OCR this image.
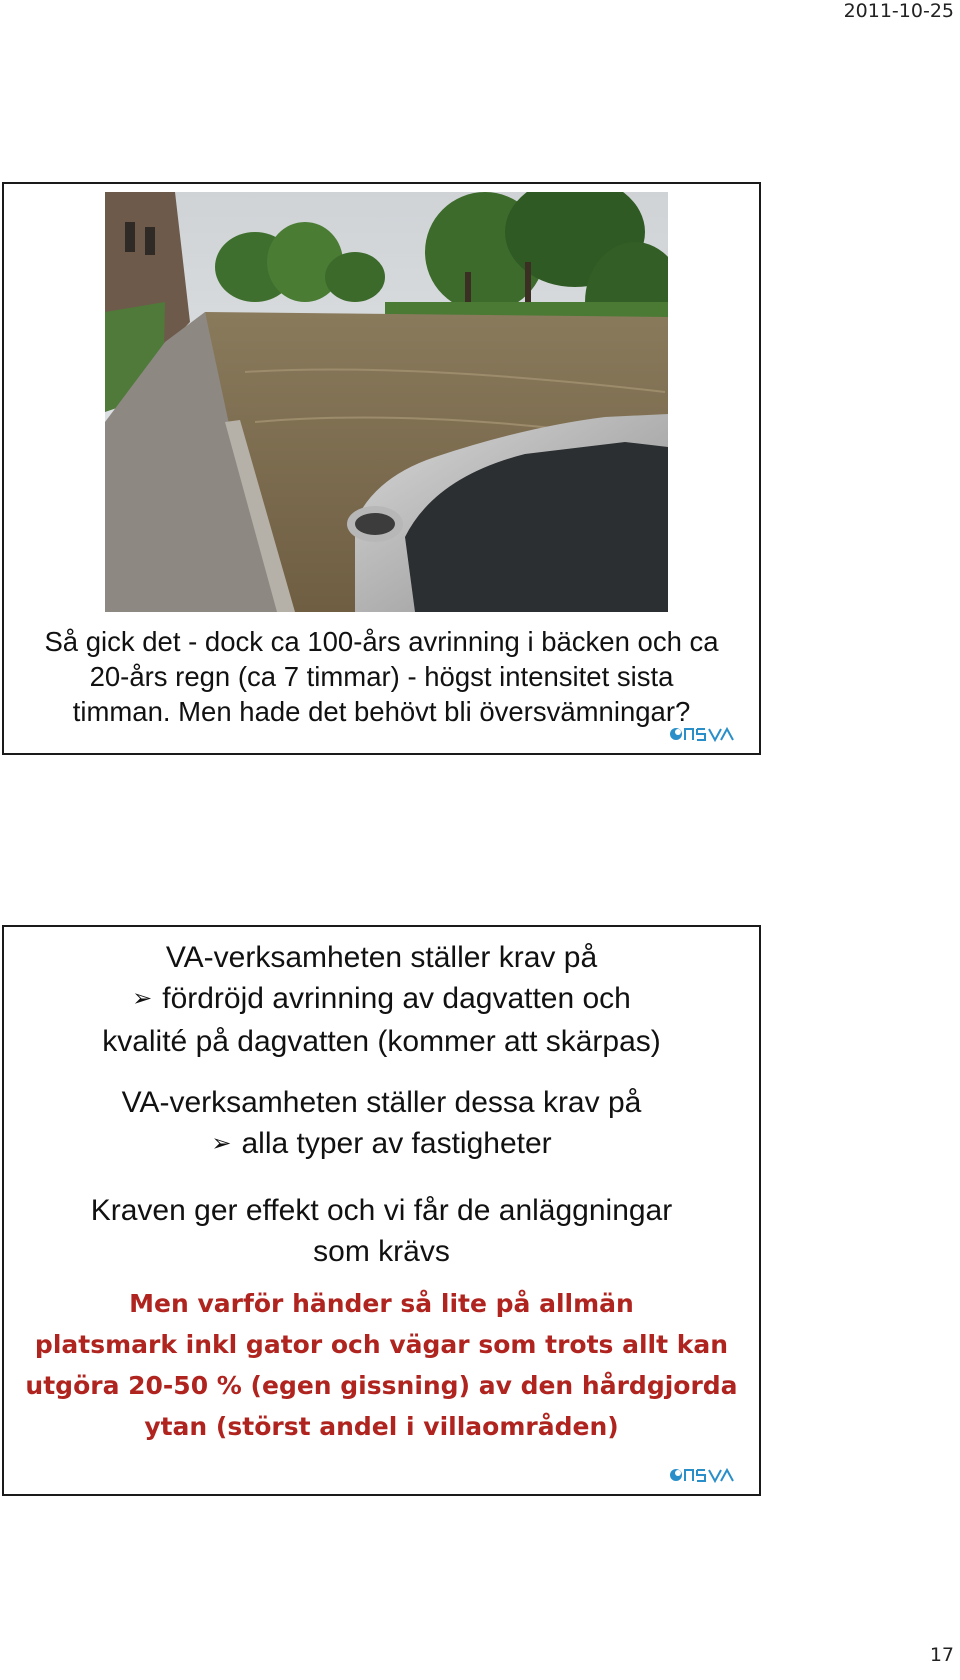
2011-10-25
Så gick det - dock ca 100-års avrinning i bäcken och ca
20-års regn (ca 7 timmar) - högst intensitet sista
timman. Men hade det behövt bli översvämningar?
VA-verksamheten ställer krav på
➢ fördröjd avrinning av dagvatten och
kvalité på dagvatten (kommer att skärpas)
VA-verksamheten ställer dessa krav på
➢ alla typer av fastigheter
Kraven ger effekt och vi får de anläggningar
som krävs
Men varför händer så lite på allmän
platsmark inkl gator och vägar som trots allt kan
utgöra 20-50 % (egen gissning) av den hårdgjorda
ytan (störst andel i villaområden)
17
